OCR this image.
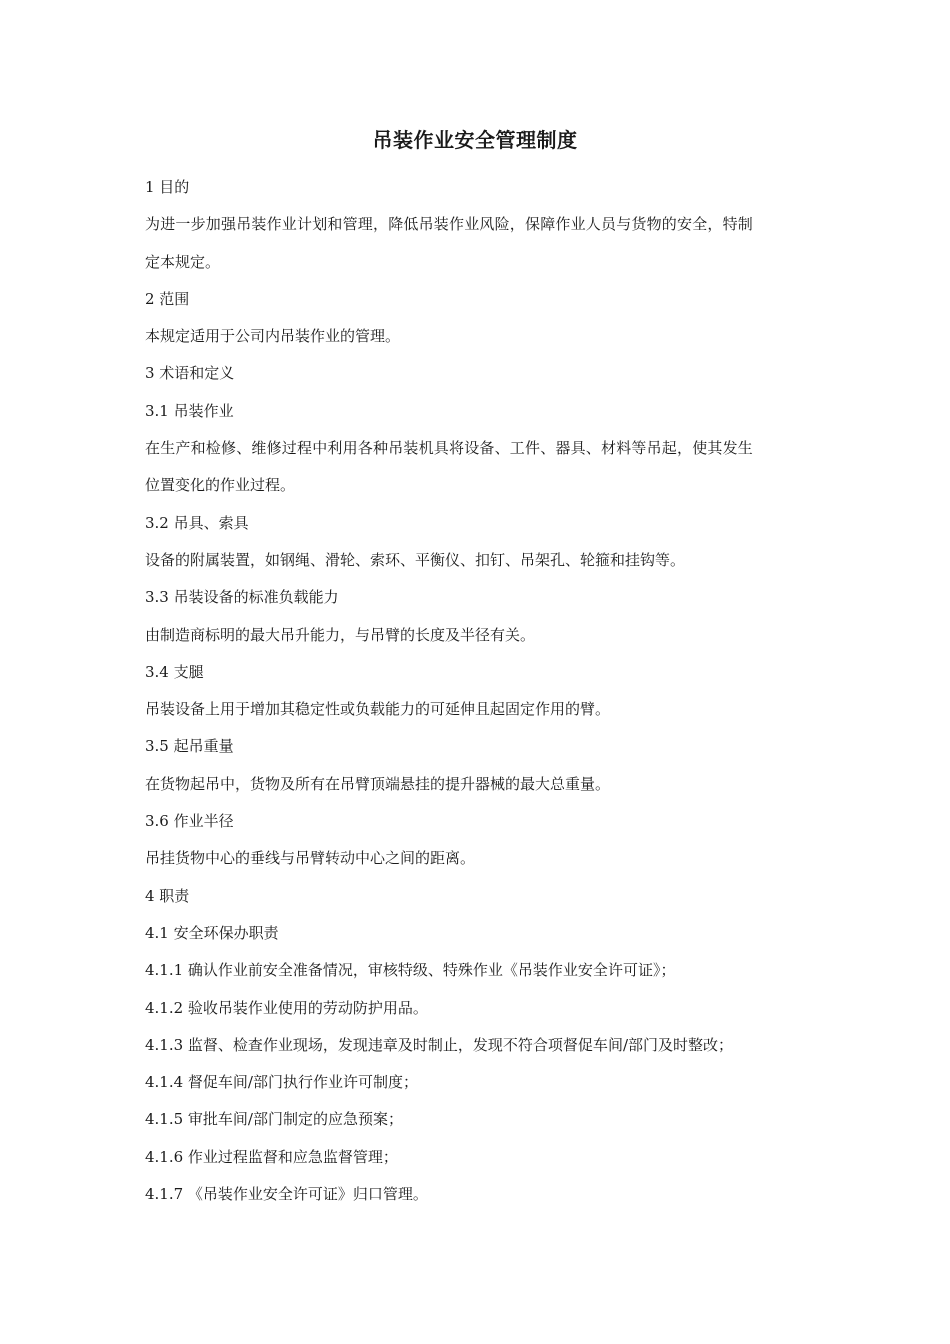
吊装作业安全管理制度
1 目的
为进一步加强吊装作业计划和管理，降低吊装作业风险，保障作业人员与货物的安全，特制
定本规定。
2 范围
本规定适用于公司内吊装作业的管理。
3 术语和定义
3.1 吊装作业
在生产和检修、维修过程中利用各种吊装机具将设备、工件、器具、材料等吊起，使其发生
位置变化的作业过程。
3.2 吊具、索具
设备的附属装置，如钢绳、滑轮、索环、平衡仪、扣钉、吊架孔、轮箍和挂钩等。
3.3 吊装设备的标准负载能力
由制造商标明的最大吊升能力，与吊臂的长度及半径有关。
3.4 支腿
吊装设备上用于增加其稳定性或负载能力的可延伸且起固定作用的臂。
3.5 起吊重量
在货物起吊中，货物及所有在吊臂顶端悬挂的提升器械的最大总重量。
3.6 作业半径
吊挂货物中心的垂线与吊臂转动中心之间的距离。
4 职责
4.1 安全环保办职责
4.1.1 确认作业前安全准备情况，审核特级、特殊作业《吊装作业安全许可证》；
4.1.2 验收吊装作业使用的劳动防护用品。
4.1.3 监督、检查作业现场，发现违章及时制止，发现不符合项督促车间/部门及时整改；
4.1.4 督促车间/部门执行作业许可制度；
4.1.5 审批车间/部门制定的应急预案；
4.1.6 作业过程监督和应急监督管理；
4.1.7 《吊装作业安全许可证》归口管理。
